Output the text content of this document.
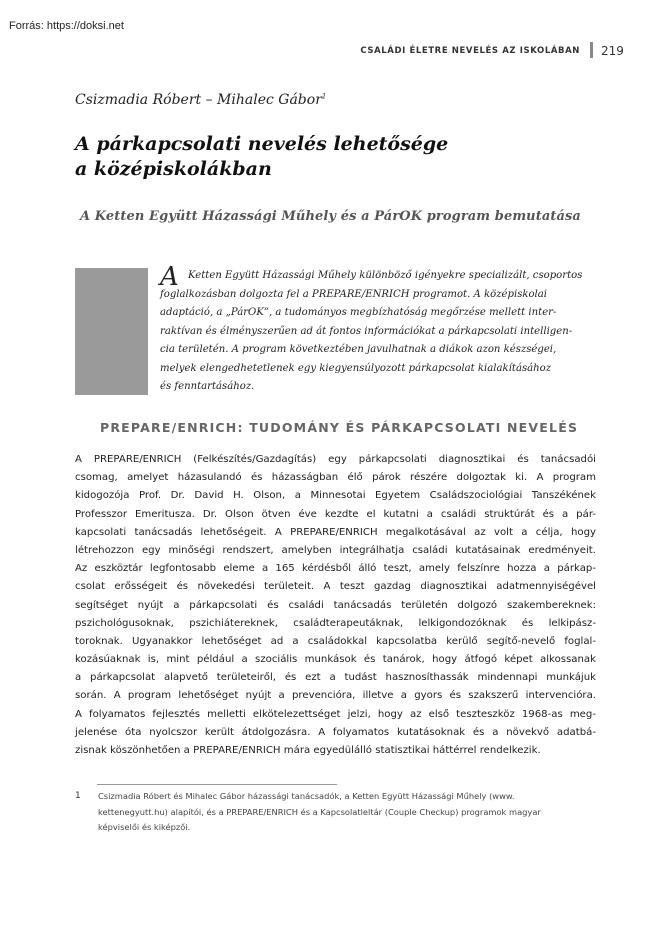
Forrás: https://doksi.net
CSALÁDI ÉLETRE NEVELÉS AZ ISKOLÁBAN 219
Csizmadia Róbert – Mihalec Gábor$^1$
A párkapcsolati nevelés lehetősége
a középiskolákban
A Ketten Együtt Házassági Műhely és a PárOK program bemutatása
A Ketten Együtt Házassági Műhely különböző igényekre specializált, csoportos
foglalkozásban dolgozta fel a PREPARE/ENRICH programot. A középiskolai
adaptáció, a „PárOK”, a tudományos megbízhatóság megőrzése mellett inter-
raktívan és élményszerűen ad át fontos információkat a párkapcsolati intelligen-
cia területén. A program következtében javulhatnak a diákok azon készségei,
melyek elengedhetetlenek egy kiegyensúlyozott párkapcsolat kialakításához
és fenntartásához.
PREPARE/ENRICH: TUDOMÁNY ÉS PÁRKAPCSOLATI NEVELÉS
A PREPARE/ENRICH (Felkészítés/Gazdagítás) egy párkapcsolati diagnosztikai és tanácsadói
csomag, amelyet házasulandó és házasságban élő párok részére dolgoztak ki. A program
kidogozója Prof. Dr. David H. Olson, a Minnesotai Egyetem Családszociológiai Tanszékének
Professzor Emeritusza. Dr. Olson ötven éve kezdte el kutatni a családi struktúrát és a pár-
kapcsolati tanácsadás lehetőségeit. A PREPARE/ENRICH megalkotásával az volt a célja, hogy
létrehozzon egy minőségi rendszert, amelyben integrálhatja családi kutatásainak eredményeit.
Az eszköztár legfontosabb eleme a 165 kérdésből álló teszt, amely felszínre hozza a párkap-
csolat erősségeit és növekedési területeit. A teszt gazdag diagnosztikai adatmennyiségével
segítséget nyújt a párkapcsolati és családi tanácsadás területén dolgozó szakembereknek:
pszichológusoknak, pszichiátereknek, családterapeutáknak, lelkigondozóknak és lelkipász-
toroknak. Ugyanakkor lehetőséget ad a családokkal kapcsolatba kerülő segítő-nevelő foglal-
kozásúaknak is, mint például a szociális munkások és tanárok, hogy átfogó képet alkossanak
a párkapcsolat alapvető területeiről, és ezt a tudást hasznosíthassák mindennapi munkájuk
során. A program lehetőséget nyújt a prevencióra, illetve a gyors és szakszerű intervencióra.
A folyamatos fejlesztés melletti elkötelezettséget jelzi, hogy az első teszteszköz 1968-as meg-
jelenése óta nyolcszor került átdolgozásra. A folyamatos kutatásoknak és a növekvő adatbá-
zisnak köszönhetően a PREPARE/ENRICH mára egyedülálló statisztikai háttérrel rendelkezik.
1 Csizmadia Róbert és Mihalec Gábor házassági tanácsadók, a Ketten Együtt Házassági Műhely (www.
kettenegyutt.hu) alapítói, és a PREPARE/ENRICH és a Kapcsolatleltár (Couple Checkup) programok magyar
képviselői és kiképzői.
